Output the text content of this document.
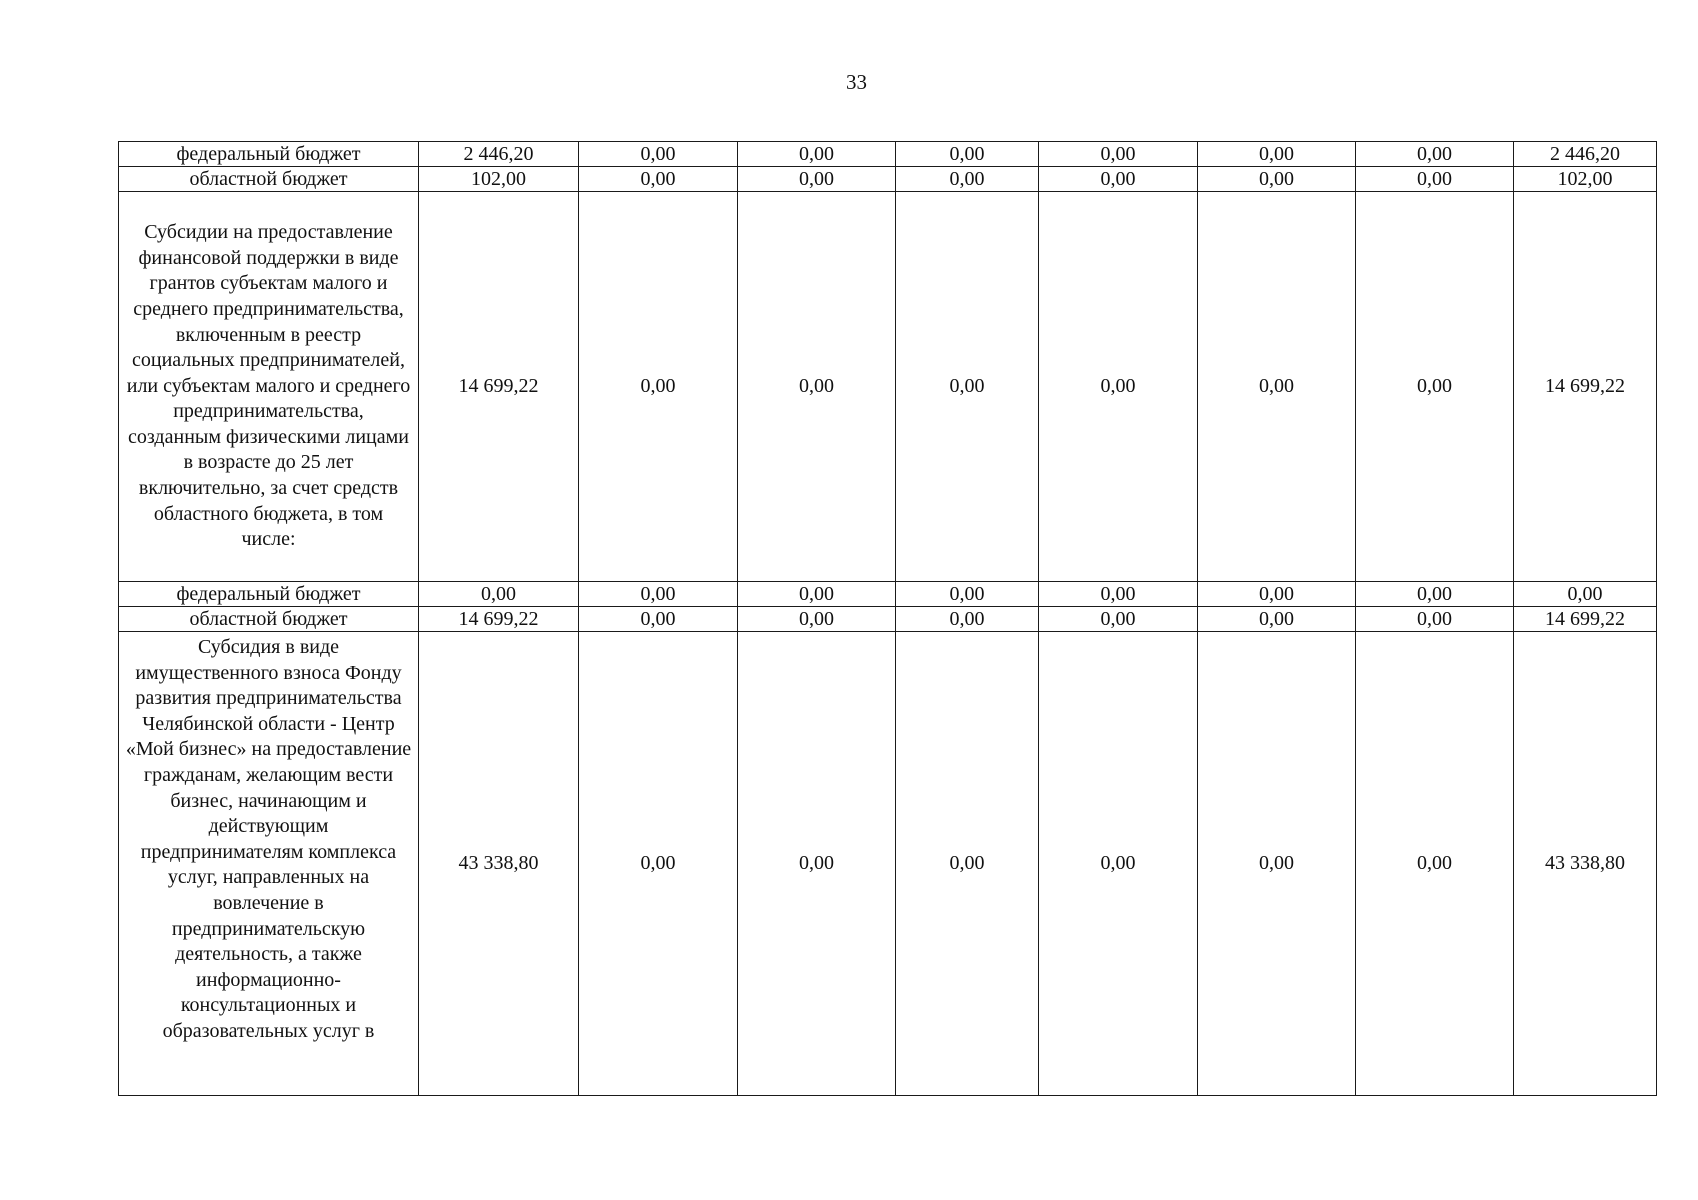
33
федеральный бюджет	2 446,20	0,00	0,00	0,00	0,00	0,00	0,00	2 446,20
областной бюджет	102,00	0,00	0,00	0,00	0,00	0,00	0,00	102,00
Субсидии на предоставление финансовой поддержки в виде грантов субъектам малого и среднего предпринимательства, включенным в реестр социальных предпринимателей, или субъектам малого и среднего предпринимательства, созданным физическими лицами в возрасте до 25 лет включительно, за счет средств областного бюджета, в том числе:	14 699,22	0,00	0,00	0,00	0,00	0,00	0,00	14 699,22
федеральный бюджет	0,00	0,00	0,00	0,00	0,00	0,00	0,00	0,00
областной бюджет	14 699,22	0,00	0,00	0,00	0,00	0,00	0,00	14 699,22
Субсидия в виде имущественного взноса Фонду развития предпринимательства Челябинской области - Центр «Мой бизнес» на предоставление гражданам, желающим вести бизнес, начинающим и действующим предпринимателям комплекса услуг, направленных на вовлечение в предпринимательскую деятельность, а также информационно-консультационных и образовательных услуг в	43 338,80	0,00	0,00	0,00	0,00	0,00	0,00	43 338,80
